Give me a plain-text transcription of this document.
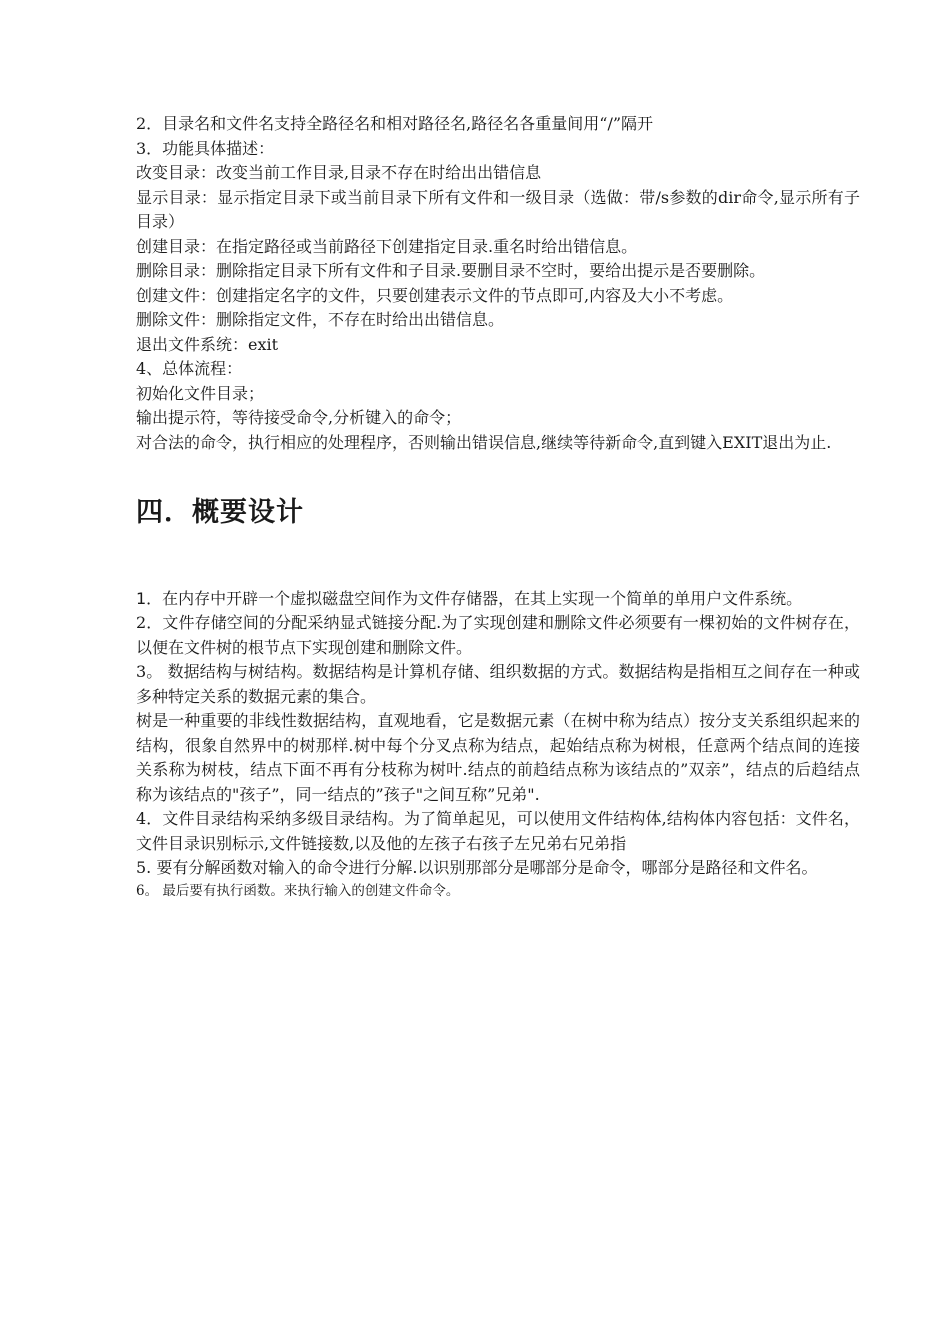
2．目录名和文件名支持全路径名和相对路径名,路径名各重量间用“/”隔开

3．功能具体描述：

改变目录：改变当前工作目录,目录不存在时给出出错信息

显示目录：显示指定目录下或当前目录下所有文件和一级目录（选做：带/s参数的dir命令,显示所有子目录）

创建目录：在指定路径或当前路径下创建指定目录.重名时给出错信息。

删除目录：删除指定目录下所有文件和子目录.要删目录不空时，要给出提示是否要删除。

创建文件：创建指定名字的文件，只要创建表示文件的节点即可,内容及大小不考虑。

删除文件：删除指定文件，不存在时给出出错信息。

退出文件系统：exit

4、总体流程：

初始化文件目录；

输出提示符，等待接受命令,分析键入的命令；

对合法的命令，执行相应的处理程序，否则输出错误信息,继续等待新命令,直到键入EXIT退出为止.

四．概要设计

1．在内存中开辟一个虚拟磁盘空间作为文件存储器，在其上实现一个简单的单用户文件系统。

2．文件存储空间的分配采纳显式链接分配.为了实现创建和删除文件必须要有一棵初始的文件树存在，以便在文件树的根节点下实现创建和删除文件。

3。 数据结构与树结构。数据结构是计算机存储、组织数据的方式。数据结构是指相互之间存在一种或多种特定关系的数据元素的集合。

树是一种重要的非线性数据结构，直观地看，它是数据元素（在树中称为结点）按分支关系组织起来的结构，很象自然界中的树那样.树中每个分叉点称为结点，起始结点称为树根，任意两个结点间的连接关系称为树枝，结点下面不再有分枝称为树叶.结点的前趋结点称为该结点的”双亲”，结点的后趋结点称为该结点的"孩子”，同一结点的”孩子"之间互称”兄弟".

4．文件目录结构采纳多级目录结构。为了简单起见，可以使用文件结构体,结构体内容包括：文件名，文件目录识别标示,文件链接数,以及他的左孩子右孩子左兄弟右兄弟指

5. 要有分解函数对输入的命令进行分解.以识别那部分是哪部分是命令，哪部分是路径和文件名。

6。 最后要有执行函数。来执行输入的创建文件命令。
